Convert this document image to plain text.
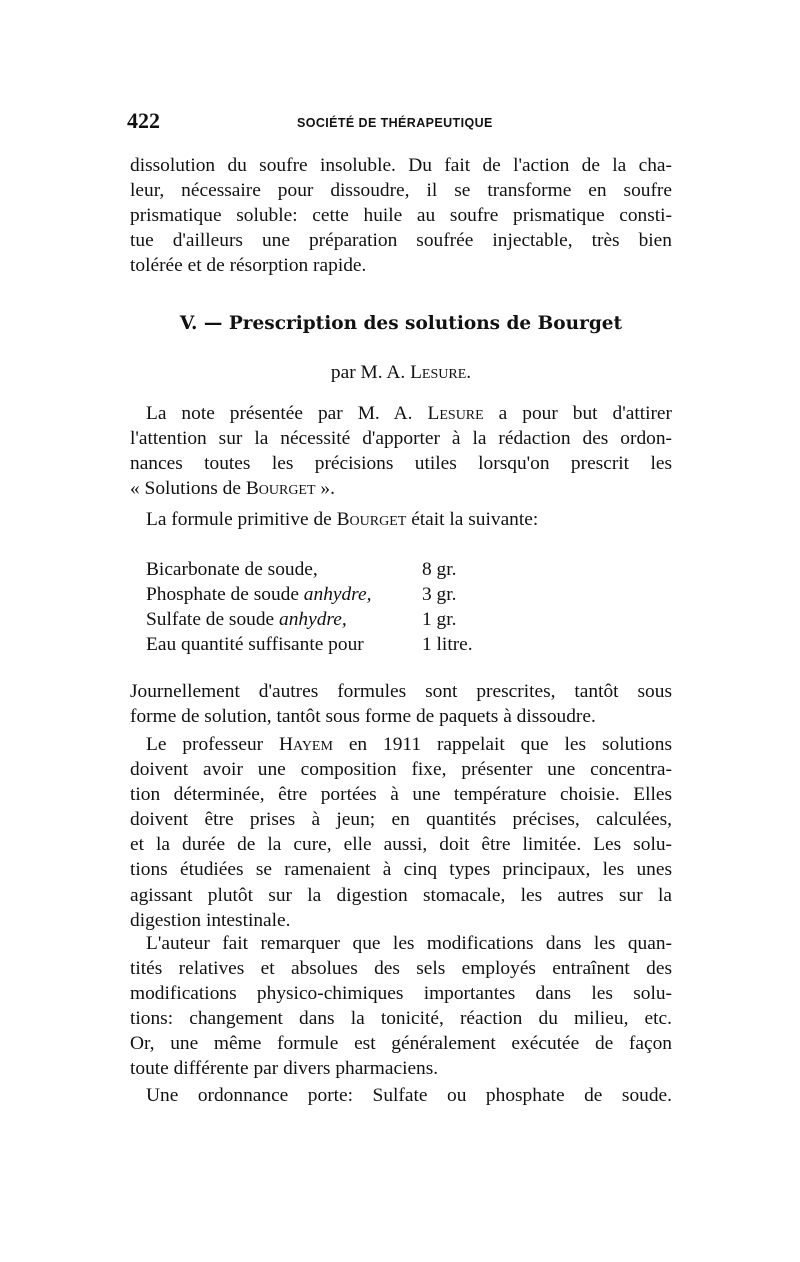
422	SOCIÉTÉ DE THÉRAPEUTIQUE
dissolution du soufre insoluble. Du fait de l'action de la cha-
leur, nécessaire pour dissoudre, il se transforme en soufre
prismatique soluble: cette huile au soufre prismatique consti-
tue d'ailleurs une préparation soufrée injectable, très bien
tolérée et de résorption rapide.
V. — Prescription des solutions de Bourget
par M. A. Lesure.
La note présentée par M. A. Lesure a pour but d'attirer
l'attention sur la nécessité d'apporter à la rédaction des ordon-
nances toutes les précisions utiles lorsqu'on prescrit les
« Solutions de Bourget ».
La formule primitive de Bourget était la suivante:
Bicarbonate de soude,	8 gr.
Phosphate de soude anhydre,	3 gr.
Sulfate de soude anhydre,	1 gr.
Eau quantité suffisante pour	1 litre.
Journellement d'autres formules sont prescrites, tantôt sous
forme de solution, tantôt sous forme de paquets à dissoudre.
Le professeur Hayem en 1911 rappelait que les solutions
doivent avoir une composition fixe, présenter une concentra-
tion déterminée, être portées à une température choisie. Elles
doivent être prises à jeun; en quantités précises, calculées,
et la durée de la cure, elle aussi, doit être limitée. Les solu-
tions étudiées se ramenaient à cinq types principaux, les unes
agissant plutôt sur la digestion stomacale, les autres sur la
digestion intestinale.
L'auteur fait remarquer que les modifications dans les quan-
tités relatives et absolues des sels employés entraînent des
modifications physico-chimiques importantes dans les solu-
tions: changement dans la tonicité, réaction du milieu, etc.
Or, une même formule est généralement exécutée de façon
toute différente par divers pharmaciens.
Une ordonnance porte: Sulfate ou phosphate de soude.
